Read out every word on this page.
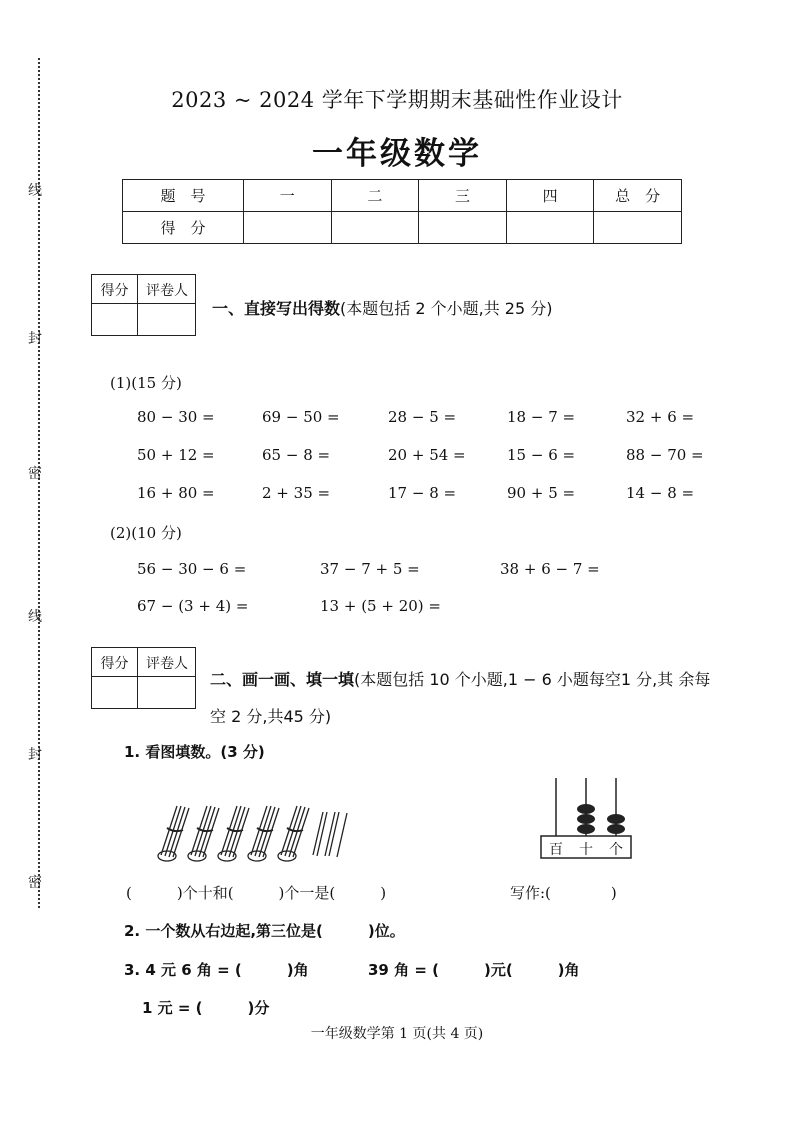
线
封
密
线
封
密
2023 ~ 2024 学年下学期期末基础性作业设计
一年级数学
题　号	一	二	三	四	总　分
得　分					
得分	评卷人
一、直接写出得数(本题包括 2 个小题,共 25 分)
(1)(15 分)
80 − 30 =	69 − 50 =	28 − 5 =	18 − 7 =	32 + 6 =
50 + 12 =	65 − 8 =	20 + 54 =	15 − 6 =	88 − 70 =
16 + 80 =	2 + 35 =	17 − 8 =	90 + 5 =	14 − 8 =
(2)(10 分)
56 − 30 − 6 =	37 − 7 + 5 =	38 + 6 − 7 =
67 − (3 + 4) =	13 + (5 + 20) =
得分	评卷人
二、画一画、填一填(本题包括 10 个小题,1 − 6 小题每空1 分,其 余每
空 2 分,共45 分)
1. 看图填数。(3 分)
百 十 个
(　　　)个十和(　　　)个一是(　　　)	写作:(　　　　)
2. 一个数从右边起,第三位是(　　　)位。
3. 4 元 6 角 = (　　　)角	39 角 = (　　　)元(　　　)角
1 元 = (　　　)分
一年级数学第 1 页(共 4 页)
